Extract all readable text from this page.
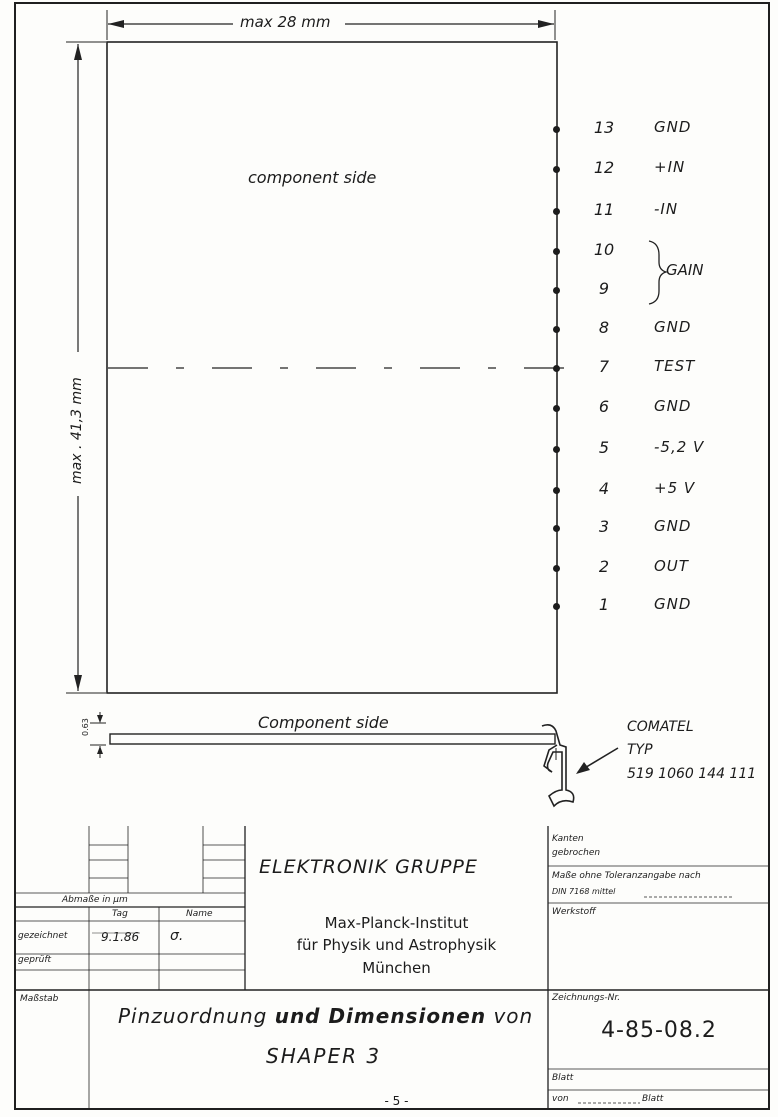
max 28 mm
max . 41,3 mm
0.63
component side
Component side
13	GND
12	+IN
11	-IN
10
9
8	GND
7	TEST
6	GND
5	-5,2 V
4	+5 V
3	GND
2	OUT
1	GND
GAIN
COMATEL
TYP
519 1060 144 111
ELEKTRONIK GRUPPE
Kanten
gebrochen
Maße ohne Toleranzangabe nach
DIN 7168 mittel
Werkstoff
Abmaße in µm
Tag	Name
gezeichnet
geprüft
9.1.86 σ.
Max-Planck-Institut
für Physik und Astrophysik
München
Maßstab
Pinzuordnung und Dimensionen von
SHAPER 3
Zeichnungs-Nr.
4-85-08.2
Blatt
von	Blatt
- 5 -
